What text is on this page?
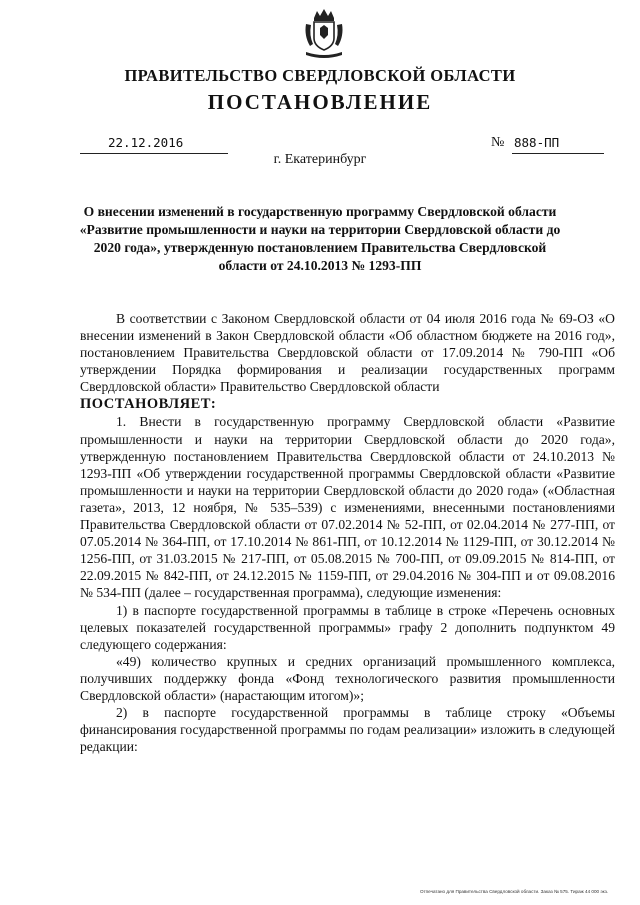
ПРАВИТЕЛЬСТВО СВЕРДЛОВСКОЙ ОБЛАСТИ
ПОСТАНОВЛЕНИЕ
22.12.2016	№ 888-ПП
г. Екатеринбург
О внесении изменений в государственную программу Свердловской области «Развитие промышленности и науки на территории Свердловской области до 2020 года», утвержденную постановлением Правительства Свердловской области от 24.10.2013 № 1293-ПП

В соответствии с Законом Свердловской области от 04 июля 2016 года № 69-ОЗ «О внесении изменений в Закон Свердловской области «Об областном бюджете на 2016 год», постановлением Правительства Свердловской области от 17.09.2014 № 790-ПП «Об утверждении Порядка формирования и реализации государственных программ Свердловской области» Правительство Свердловской области

ПОСТАНОВЛЯЕТ:

1. Внести в государственную программу Свердловской области «Развитие промышленности и науки на территории Свердловской области до 2020 года», утвержденную постановлением Правительства Свердловской области от 24.10.2013 № 1293-ПП «Об утверждении государственной программы Свердловской области «Развитие промышленности и науки на территории Свердловской области до 2020 года» («Областная газета», 2013, 12 ноября, № 535–539) с изменениями, внесенными постановлениями Правительства Свердловской области от 07.02.2014 № 52-ПП, от 02.04.2014 № 277-ПП, от 07.05.2014 № 364-ПП, от 17.10.2014 № 861-ПП, от 10.12.2014 № 1129-ПП, от 30.12.2014 № 1256-ПП, от 31.03.2015 № 217-ПП, от 05.08.2015 № 700-ПП, от 09.09.2015 № 814-ПП, от 22.09.2015 № 842-ПП, от 24.12.2015 № 1159-ПП, от 29.04.2016 № 304-ПП и от 09.08.2016 № 534-ПП (далее – государственная программа), следующие изменения:

1) в паспорте государственной программы в таблице в строке «Перечень основных целевых показателей государственной программы» графу 2 дополнить подпунктом 49 следующего содержания:

«49) количество крупных и средних организаций промышленного комплекса, получивших поддержку фонда «Фонд технологического развития промышленности Свердловской области» (нарастающим итогом)»;

2) в паспорте государственной программы в таблице строку «Объемы финансирования государственной программы по годам реализации» изложить в следующей редакции:

Отпечатано для Правительства Свердловской области. Заказ № 575. Тираж 44 000 экз.
